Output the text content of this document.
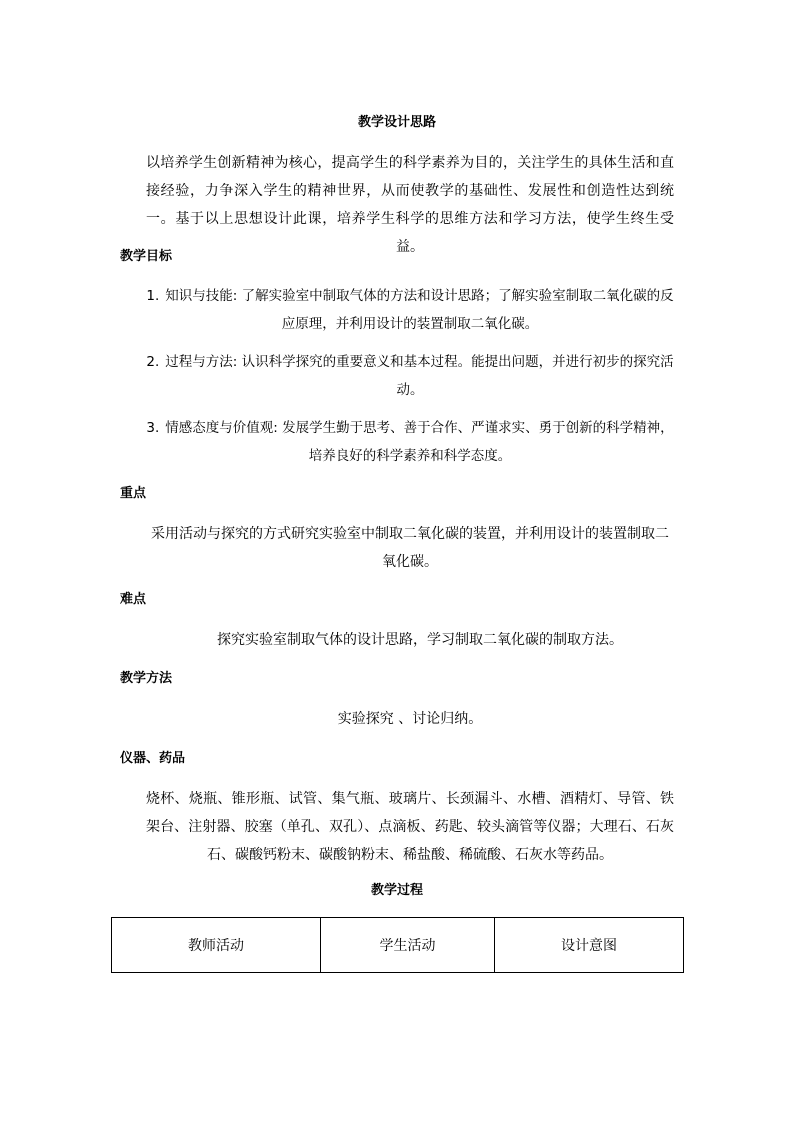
教学设计思路
以培养学生创新精神为核心，提高学生的科学素养为目的，关注学生的具体生活和直接经验，力争深入学生的精神世界，从而使教学的基础性、发展性和创造性达到统一。基于以上思想设计此课，培养学生科学的思维方法和学习方法，使学生终生受益。
教学目标
1. 知识与技能: 了解实验室中制取气体的方法和设计思路；了解实验室制取二氧化碳的反应原理，并利用设计的装置制取二氧化碳。
2. 过程与方法: 认识科学探究的重要意义和基本过程。能提出问题，并进行初步的探究活动。
3. 情感态度与价值观: 发展学生勤于思考、善于合作、严谨求实、勇于创新的科学精神，培养良好的科学素养和科学态度。
重点
采用活动与探究的方式研究实验室中制取二氧化碳的装置，并利用设计的装置制取二氧化碳。
难点
探究实验室制取气体的设计思路，学习制取二氧化碳的制取方法。
教学方法
实验探究 、讨论归纳。
仪器、药品
烧杯、烧瓶、锥形瓶、试管、集气瓶、玻璃片、长颈漏斗、水槽、酒精灯、导管、铁架台、注射器、胶塞（单孔、双孔）、点滴板、药匙、较头滴管等仪器；大理石、石灰石、碳酸钙粉末、碳酸钠粉末、稀盐酸、稀硫酸、石灰水等药品。
教学过程
教师活动	学生活动	设计意图
